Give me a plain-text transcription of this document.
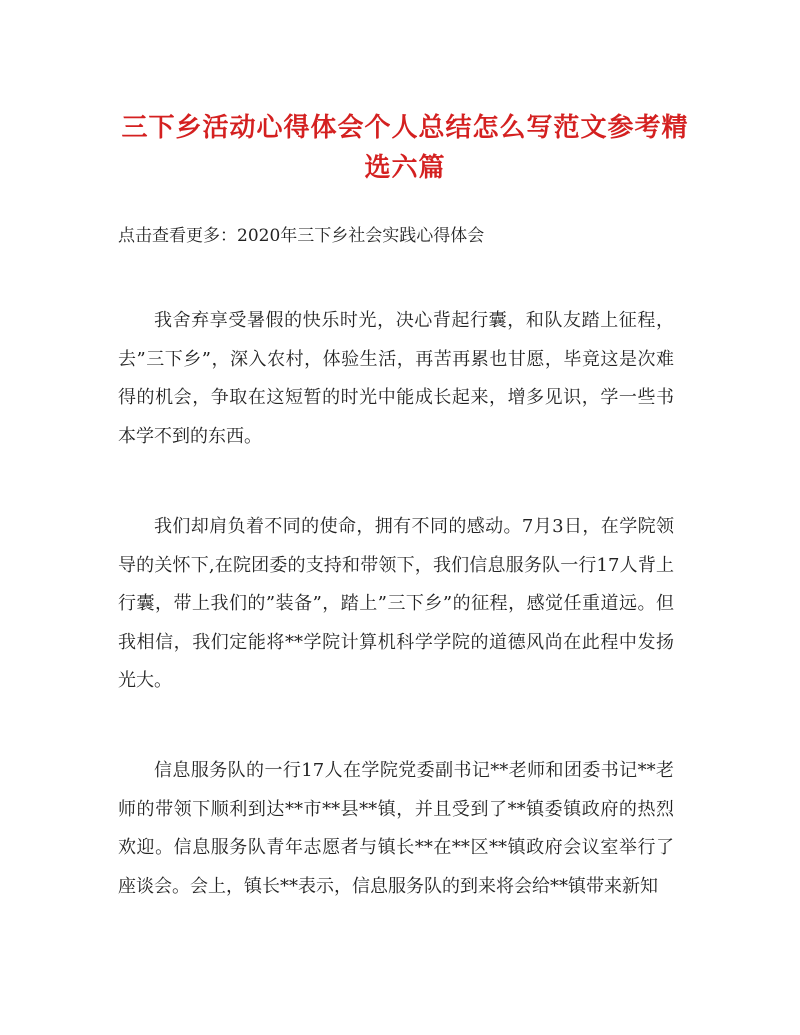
三下乡活动心得体会个人总结怎么写范文参考精选六篇

点击查看更多：2020年三下乡社会实践心得体会

我舍弃享受暑假的快乐时光，决心背起行囊，和队友踏上征程，去”三下乡”，深入农村，体验生活，再苦再累也甘愿，毕竟这是次难得的机会，争取在这短暂的时光中能成长起来，增多见识，学一些书本学不到的东西。

我们却肩负着不同的使命，拥有不同的感动。7月3日，在学院领导的关怀下,在院团委的支持和带领下，我们信息服务队一行17人背上行囊，带上我们的”装备”，踏上”三下乡”的征程，感觉任重道远。但我相信，我们定能将**学院计算机科学学院的道德风尚在此程中发扬光大。

信息服务队的一行17人在学院党委副书记**老师和团委书记**老师的带领下顺利到达**市**县**镇，并且受到了**镇委镇政府的热烈欢迎。信息服务队青年志愿者与镇长**在**区**镇政府会议室举行了座谈会。会上，镇长**表示，信息服务队的到来将会给**镇带来新知
